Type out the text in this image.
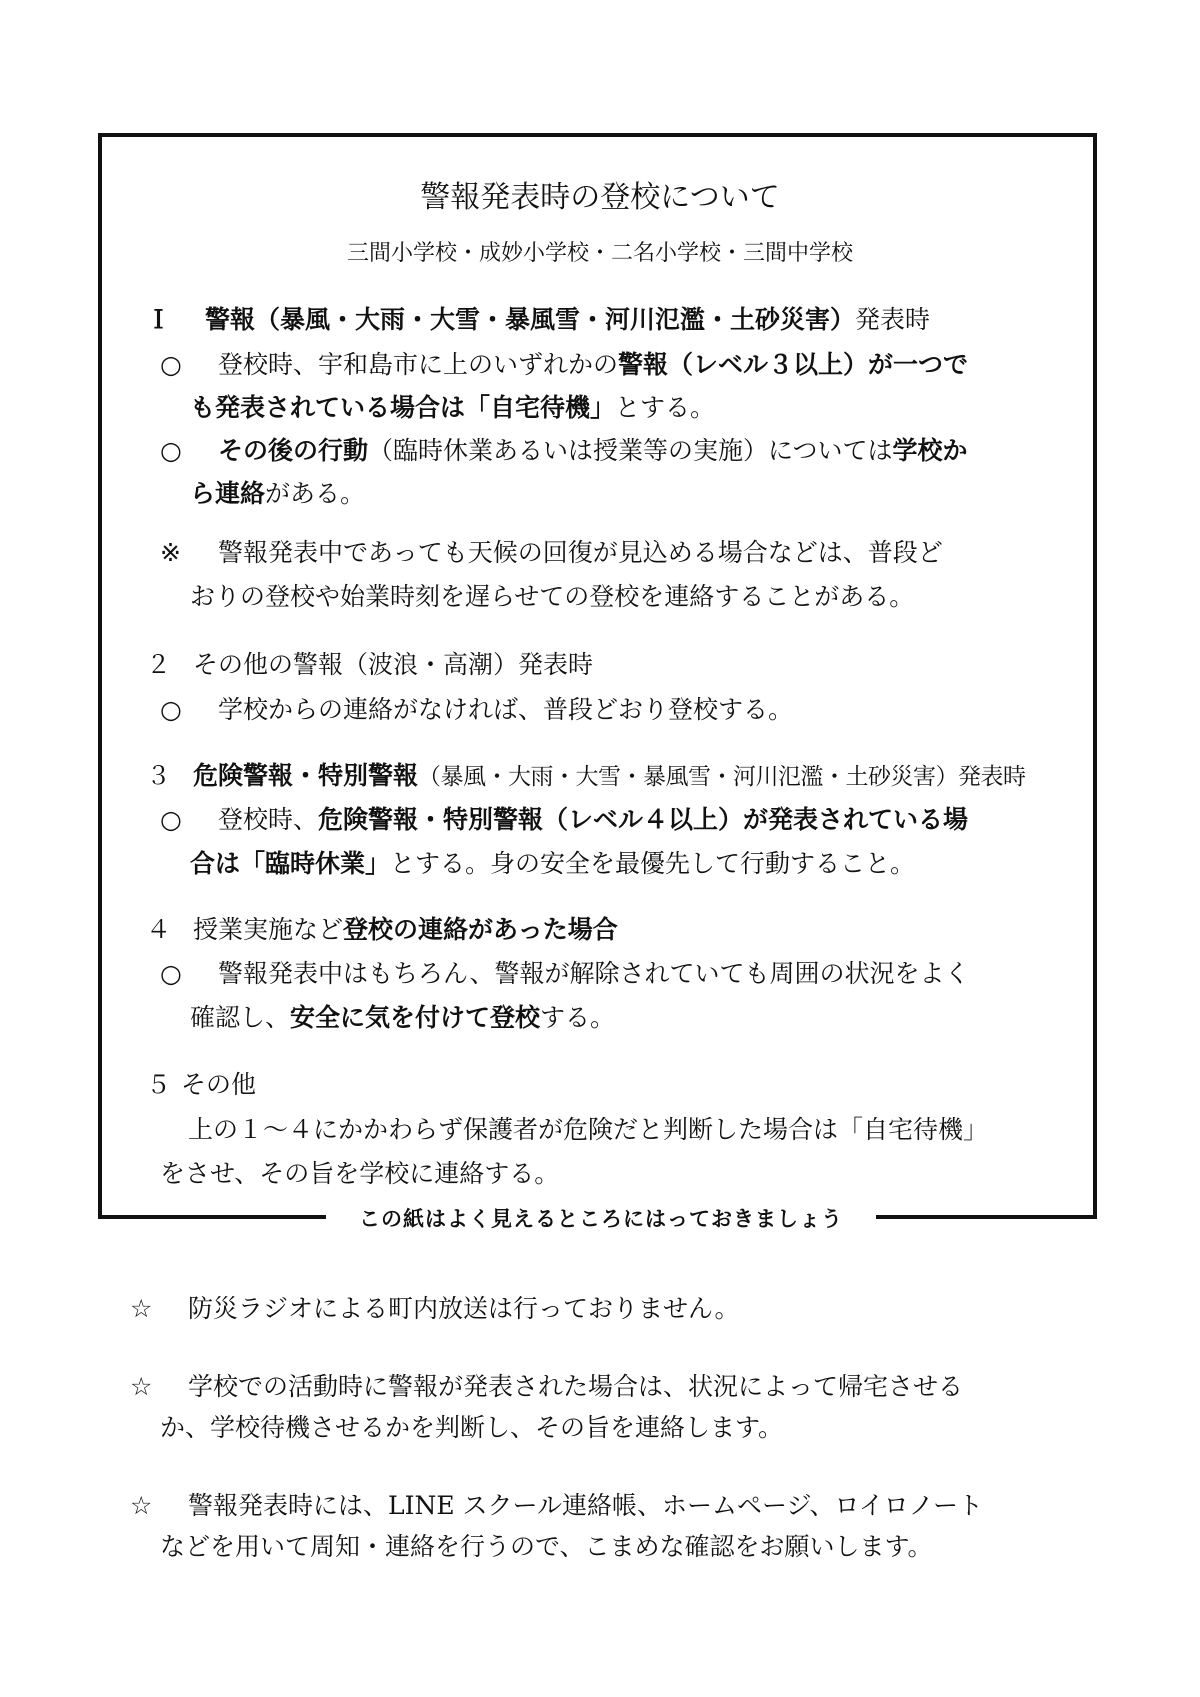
この紙はよく見えるところにはっておきましょう
警報発表時の登校について
三間小学校・成妙小学校・二名小学校・三間中学校
Ｉ 警報（暴風・大雨・大雪・暴風雪・河川氾濫・土砂災害）発表時
○ 登校時、宇和島市に上のいずれかの警報（レベル３以上）が一つで
も発表されている場合は「自宅待機」とする。
○ その後の行動（臨時休業あるいは授業等の実施）については学校か
ら連絡がある。
※ 警報発表中であっても天候の回復が見込める場合などは、普段ど
おりの登校や始業時刻を遅らせての登校を連絡することがある。
２ その他の警報（波浪・高潮）発表時
○ 学校からの連絡がなければ、普段どおり登校する。
３ 危険警報・特別警報（暴風・大雨・大雪・暴風雪・河川氾濫・土砂災害）発表時
○ 登校時、危険警報・特別警報（レベル４以上）が発表されている場
合は「臨時休業」とする。身の安全を最優先して行動すること。
４ 授業実施など登校の連絡があった場合
○ 警報発表中はもちろん、警報が解除されていても周囲の状況をよく
確認し、安全に気を付けて登校する。
５ その他
上の１～４にかかわらず保護者が危険だと判断した場合は「自宅待機」
をさせ、その旨を学校に連絡する。
☆ 防災ラジオによる町内放送は行っておりません。
☆ 学校での活動時に警報が発表された場合は、状況によって帰宅させる
か、学校待機させるかを判断し、その旨を連絡します。
☆ 警報発表時には、LINE スクール連絡帳、ホームページ、ロイロノート
などを用いて周知・連絡を行うので、こまめな確認をお願いします。
